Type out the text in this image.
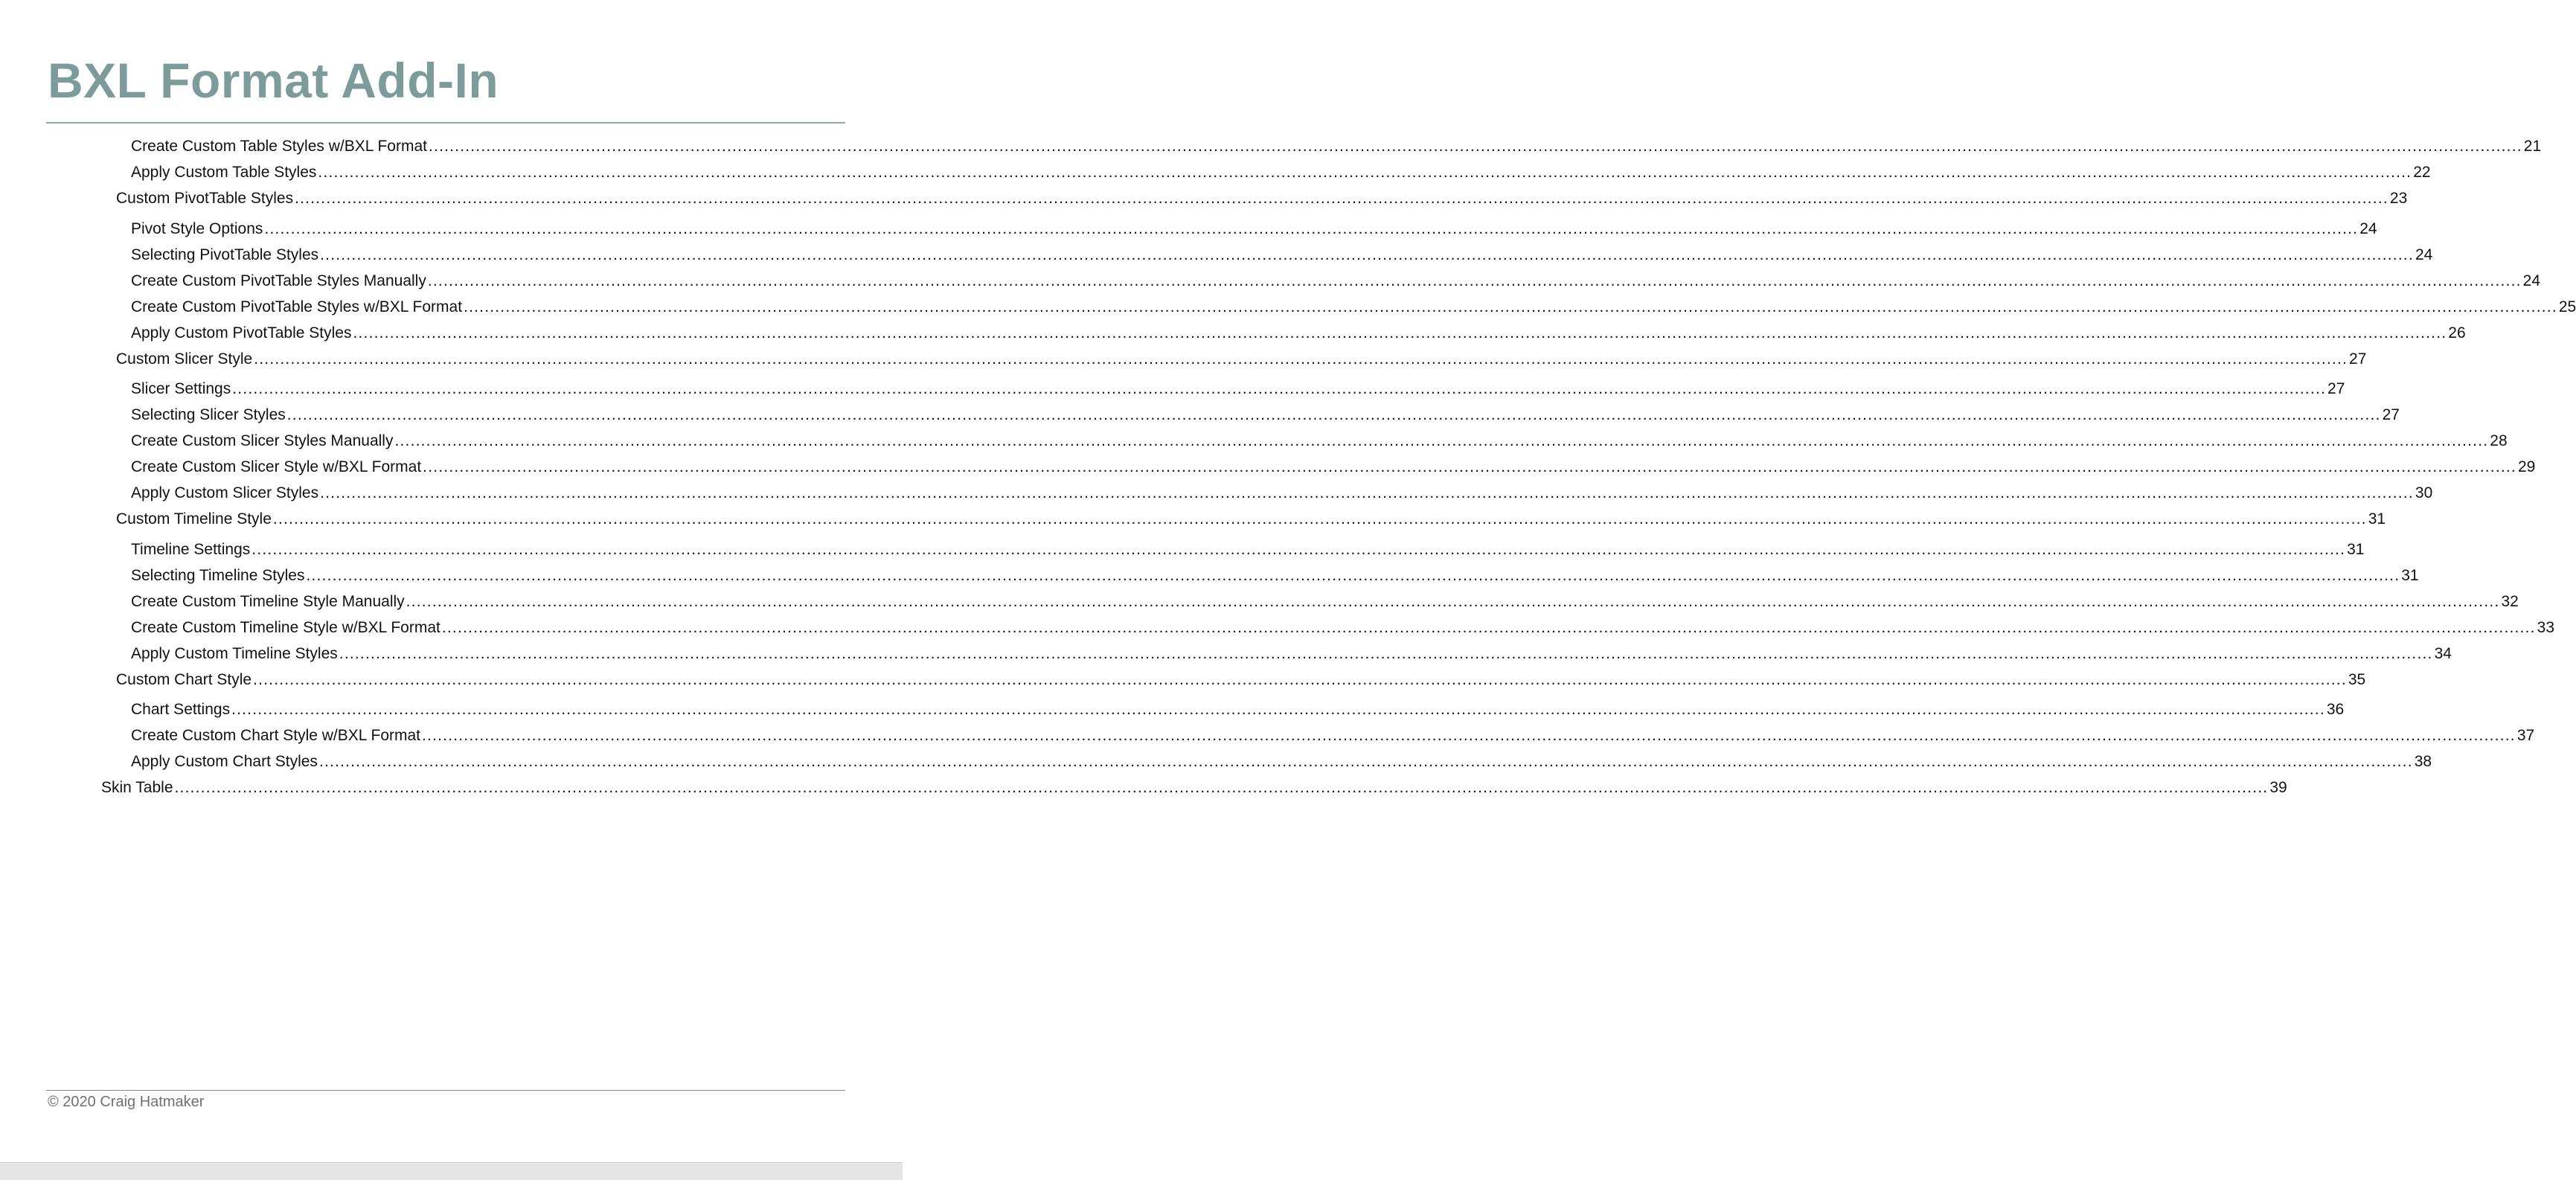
BXL Format Add-In
Create Custom Table Styles w/BXL Format ................................................................................................................................................................................................................................................................................................................................................................................................................ 21
Apply Custom Table Styles ................................................................................................................................................................................................................................................................................................................................................................................................................ 22
Custom PivotTable Styles ................................................................................................................................................................................................................................................................................................................................................................................................................ 23
Pivot Style Options ................................................................................................................................................................................................................................................................................................................................................................................................................ 24
Selecting PivotTable Styles ................................................................................................................................................................................................................................................................................................................................................................................................................ 24
Create Custom PivotTable Styles Manually ................................................................................................................................................................................................................................................................................................................................................................................................................ 24
Create Custom PivotTable Styles w/BXL Format ................................................................................................................................................................................................................................................................................................................................................................................................................ 25
Apply Custom PivotTable Styles ................................................................................................................................................................................................................................................................................................................................................................................................................ 26
Custom Slicer Style ................................................................................................................................................................................................................................................................................................................................................................................................................ 27
Slicer Settings ................................................................................................................................................................................................................................................................................................................................................................................................................ 27
Selecting Slicer Styles ................................................................................................................................................................................................................................................................................................................................................................................................................ 27
Create Custom Slicer Styles Manually ................................................................................................................................................................................................................................................................................................................................................................................................................ 28
Create Custom Slicer Style w/BXL Format ................................................................................................................................................................................................................................................................................................................................................................................................................ 29
Apply Custom Slicer Styles ................................................................................................................................................................................................................................................................................................................................................................................................................ 30
Custom Timeline Style ................................................................................................................................................................................................................................................................................................................................................................................................................ 31
Timeline Settings ................................................................................................................................................................................................................................................................................................................................................................................................................ 31
Selecting Timeline Styles ................................................................................................................................................................................................................................................................................................................................................................................................................ 31
Create Custom Timeline Style Manually ................................................................................................................................................................................................................................................................................................................................................................................................................ 32
Create Custom Timeline Style w/BXL Format ................................................................................................................................................................................................................................................................................................................................................................................................................ 33
Apply Custom Timeline Styles ................................................................................................................................................................................................................................................................................................................................................................................................................ 34
Custom Chart Style ................................................................................................................................................................................................................................................................................................................................................................................................................ 35
Chart Settings ................................................................................................................................................................................................................................................................................................................................................................................................................ 36
Create Custom Chart Style w/BXL Format ................................................................................................................................................................................................................................................................................................................................................................................................................ 37
Apply Custom Chart Styles ................................................................................................................................................................................................................................................................................................................................................................................................................ 38
Skin Table ................................................................................................................................................................................................................................................................................................................................................................................................................ 39
© 2020 Craig Hatmaker
